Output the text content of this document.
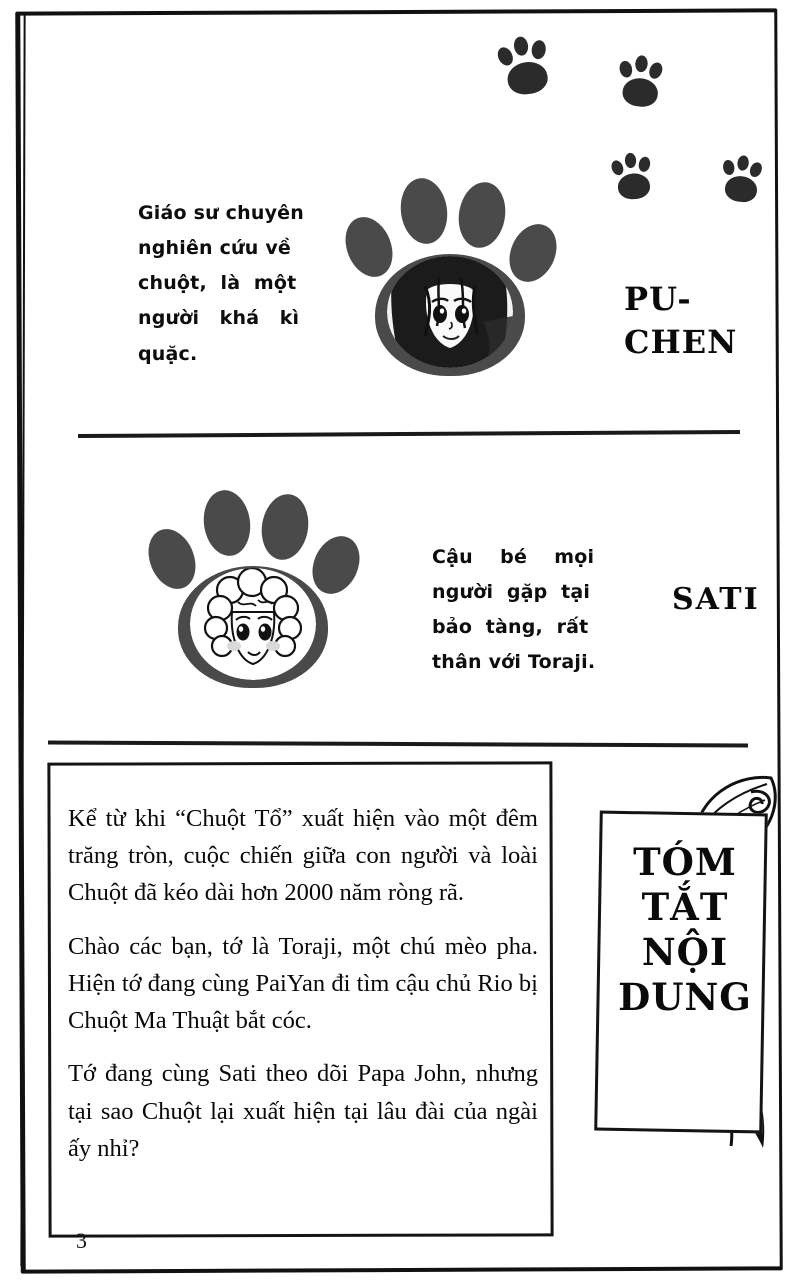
Giáo sư chuyên
nghiên cứu về
chuột,  là  một
người   khá   kì
quặc.
PU-
CHEN
Cậu    bé    mọi
người  gặp  tại
bảo  tàng,  rất
thân với Toraji.
SATI

Kể từ khi “Chuột Tổ” xuất hiện vào một đêm trăng tròn, cuộc chiến giữa con người và loài Chuột đã kéo dài hơn 2000 năm ròng rã.

Chào các bạn, tớ là Toraji, một chú mèo pha. Hiện tớ đang cùng PaiYan đi tìm cậu chủ Rio bị Chuột Ma Thuật bắt cóc.

Tớ đang cùng Sati theo dõi Papa John, nhưng tại sao Chuột lại xuất hiện tại lâu đài của ngài ấy nhỉ?

TÓM
TẮT
NỘI
DUNG
3
